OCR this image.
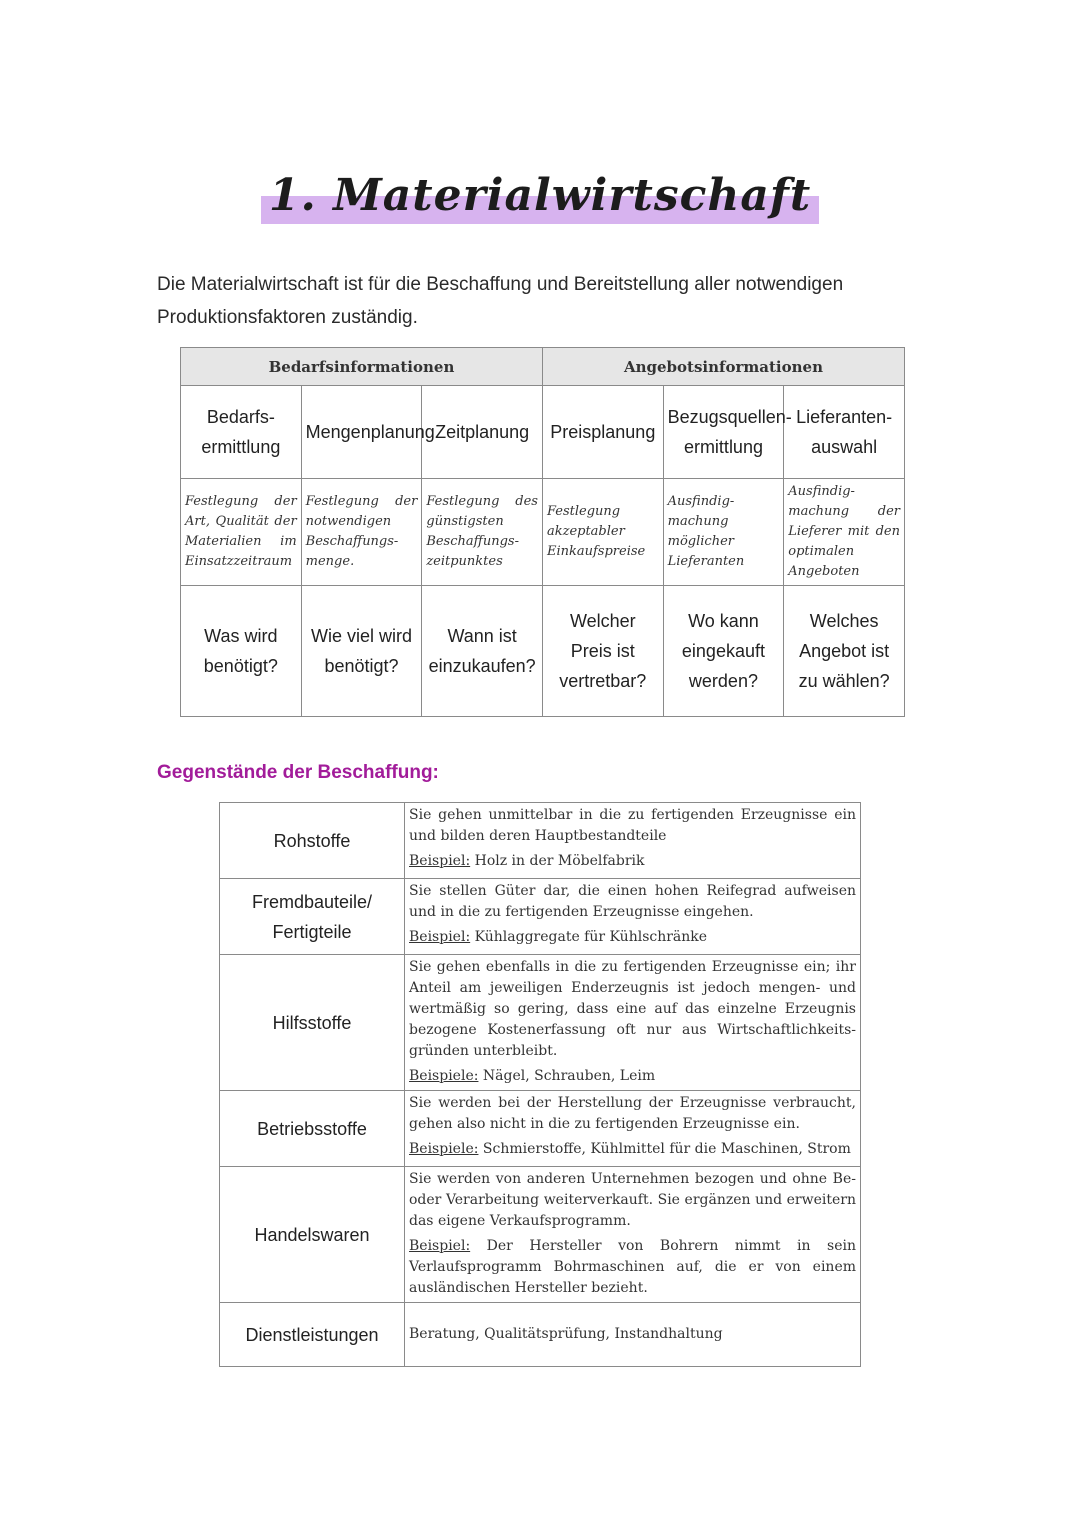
1. Materialwirtschaft
Die Materialwirtschaft ist für die Beschaffung und Bereitstellung aller notwendigen Produktionsfaktoren zuständig.
Bedarfsinformationen			Angebotsinformationen		
Bedarfs-ermittlung	Mengenplanung	Zeitplanung	Preisplanung	Bezugsquellen-ermittlung	Lieferanten-auswahl
Festlegung der Art, Qualität der Materialien im Einsatzzeitraum	Festlegung der notwendigen Beschaffungs-menge.	Festlegung des günstigsten Beschaffungs-zeitpunktes	Festlegung akzeptabler Einkaufspreise	Ausfindig-machung möglicher Lieferanten	Ausfindig-machung der Lieferer mit den optimalen Angeboten
Was wird benötigt?	Wie viel wird benötigt?	Wann ist einzukaufen?	Welcher Preis ist vertretbar?	Wo kann eingekauft werden?	Welches Angebot ist zu wählen?
Gegenstände der Beschaffung:
Rohstoffe	Sie gehen unmittelbar in die zu fertigenden Erzeugnisse ein und bilden deren Hauptbestandteile

Beispiel: Holz in der Möbelfabrik

Fremdbauteile/ Fertigteile	Sie stellen Güter dar, die einen hohen Reifegrad aufweisen und in die zu fertigenden Erzeugnisse eingehen.

Beispiel: Kühlaggregate für Kühlschränke

Hilfsstoffe	Sie gehen ebenfalls in die zu fertigenden Erzeugnisse ein; ihr Anteil am jeweiligen Enderzeugnis ist jedoch mengen- und wertmäßig so gering, dass eine auf das einzelne Erzeugnis bezogene Kostenerfassung oft nur aus Wirtschaftlichkeits-gründen unterbleibt.

Beispiele: Nägel, Schrauben, Leim

Betriebsstoffe	Sie werden bei der Herstellung der Erzeugnisse verbraucht, gehen also nicht in die zu fertigenden Erzeugnisse ein.

Beispiele: Schmierstoffe, Kühlmittel für die Maschinen, Strom

Handelswaren	Sie werden von anderen Unternehmen bezogen und ohne Be- oder Verarbeitung weiterverkauft. Sie ergänzen und erweitern das eigene Verkaufsprogramm.

Beispiel: Der Hersteller von Bohrern nimmt in sein Verlaufsprogramm Bohrmaschinen auf, die er von einem ausländischen Hersteller bezieht.

Dienstleistungen	Beratung, Qualitätsprüfung, Instandhaltung
